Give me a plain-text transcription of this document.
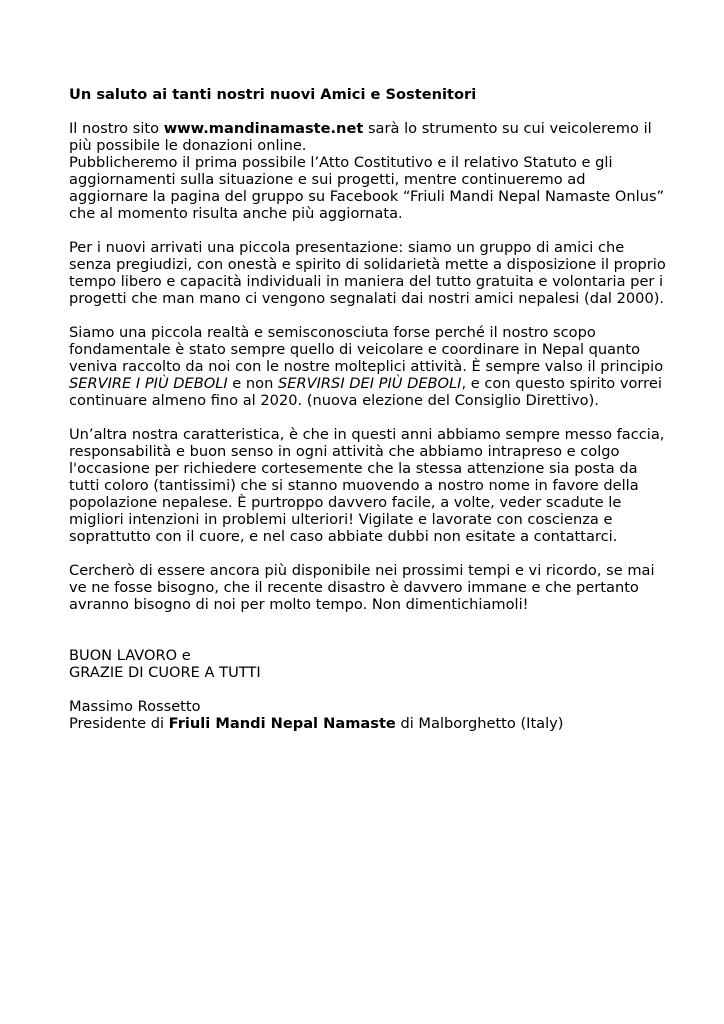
Un saluto ai tanti nostri nuovi Amici e Sostenitori

Il nostro sito www.mandinamaste.net sarà lo strumento su cui veicoleremo il più possibile le donazioni online.

Pubblicheremo il prima possibile l’Atto Costitutivo e il relativo Statuto e gli aggiornamenti sulla situazione e sui progetti, mentre continueremo ad aggiornare la pagina del gruppo su Facebook “Friuli Mandi Nepal Namaste Onlus” che al momento risulta anche più aggiornata.

Per i nuovi arrivati una piccola presentazione: siamo un gruppo di amici che senza pregiudizi, con onestà e spirito di solidarietà mette a disposizione il proprio tempo libero e capacità individuali in maniera del tutto gratuita e volontaria per i progetti che man mano ci vengono segnalati dai nostri amici nepalesi (dal 2000).

Siamo una piccola realtà e semisconosciuta forse perché il nostro scopo fondamentale è stato sempre quello di veicolare e coordinare in Nepal quanto veniva raccolto da noi con le nostre molteplici attività. È sempre valso il principio SERVIRE I PIÙ DEBOLI e non SERVIRSI DEI PIÙ DEBOLI, e con questo spirito vorrei continuare almeno fino al 2020. (nuova elezione del Consiglio Direttivo).

Un’altra nostra caratteristica, è che in questi anni abbiamo sempre messo faccia, responsabilità e buon senso in ogni attività che abbiamo intrapreso e colgo l'occasione per richiedere cortesemente che la stessa attenzione sia posta da tutti coloro (tantissimi) che si stanno muovendo a nostro nome in favore della popolazione nepalese. È purtroppo davvero facile, a volte, veder scadute le migliori intenzioni in problemi ulteriori! Vigilate e lavorate con coscienza e soprattutto con il cuore, e nel caso abbiate dubbi non esitate a contattarci.

Cercherò di essere ancora più disponibile nei prossimi tempi e vi ricordo, se mai ve ne fosse bisogno, che il recente disastro è davvero immane e che pertanto avranno bisogno di noi per molto tempo. Non dimentichiamoli!

BUON LAVORO e

GRAZIE DI CUORE A TUTTI

Massimo Rossetto

Presidente di Friuli Mandi Nepal Namaste di Malborghetto (Italy)
